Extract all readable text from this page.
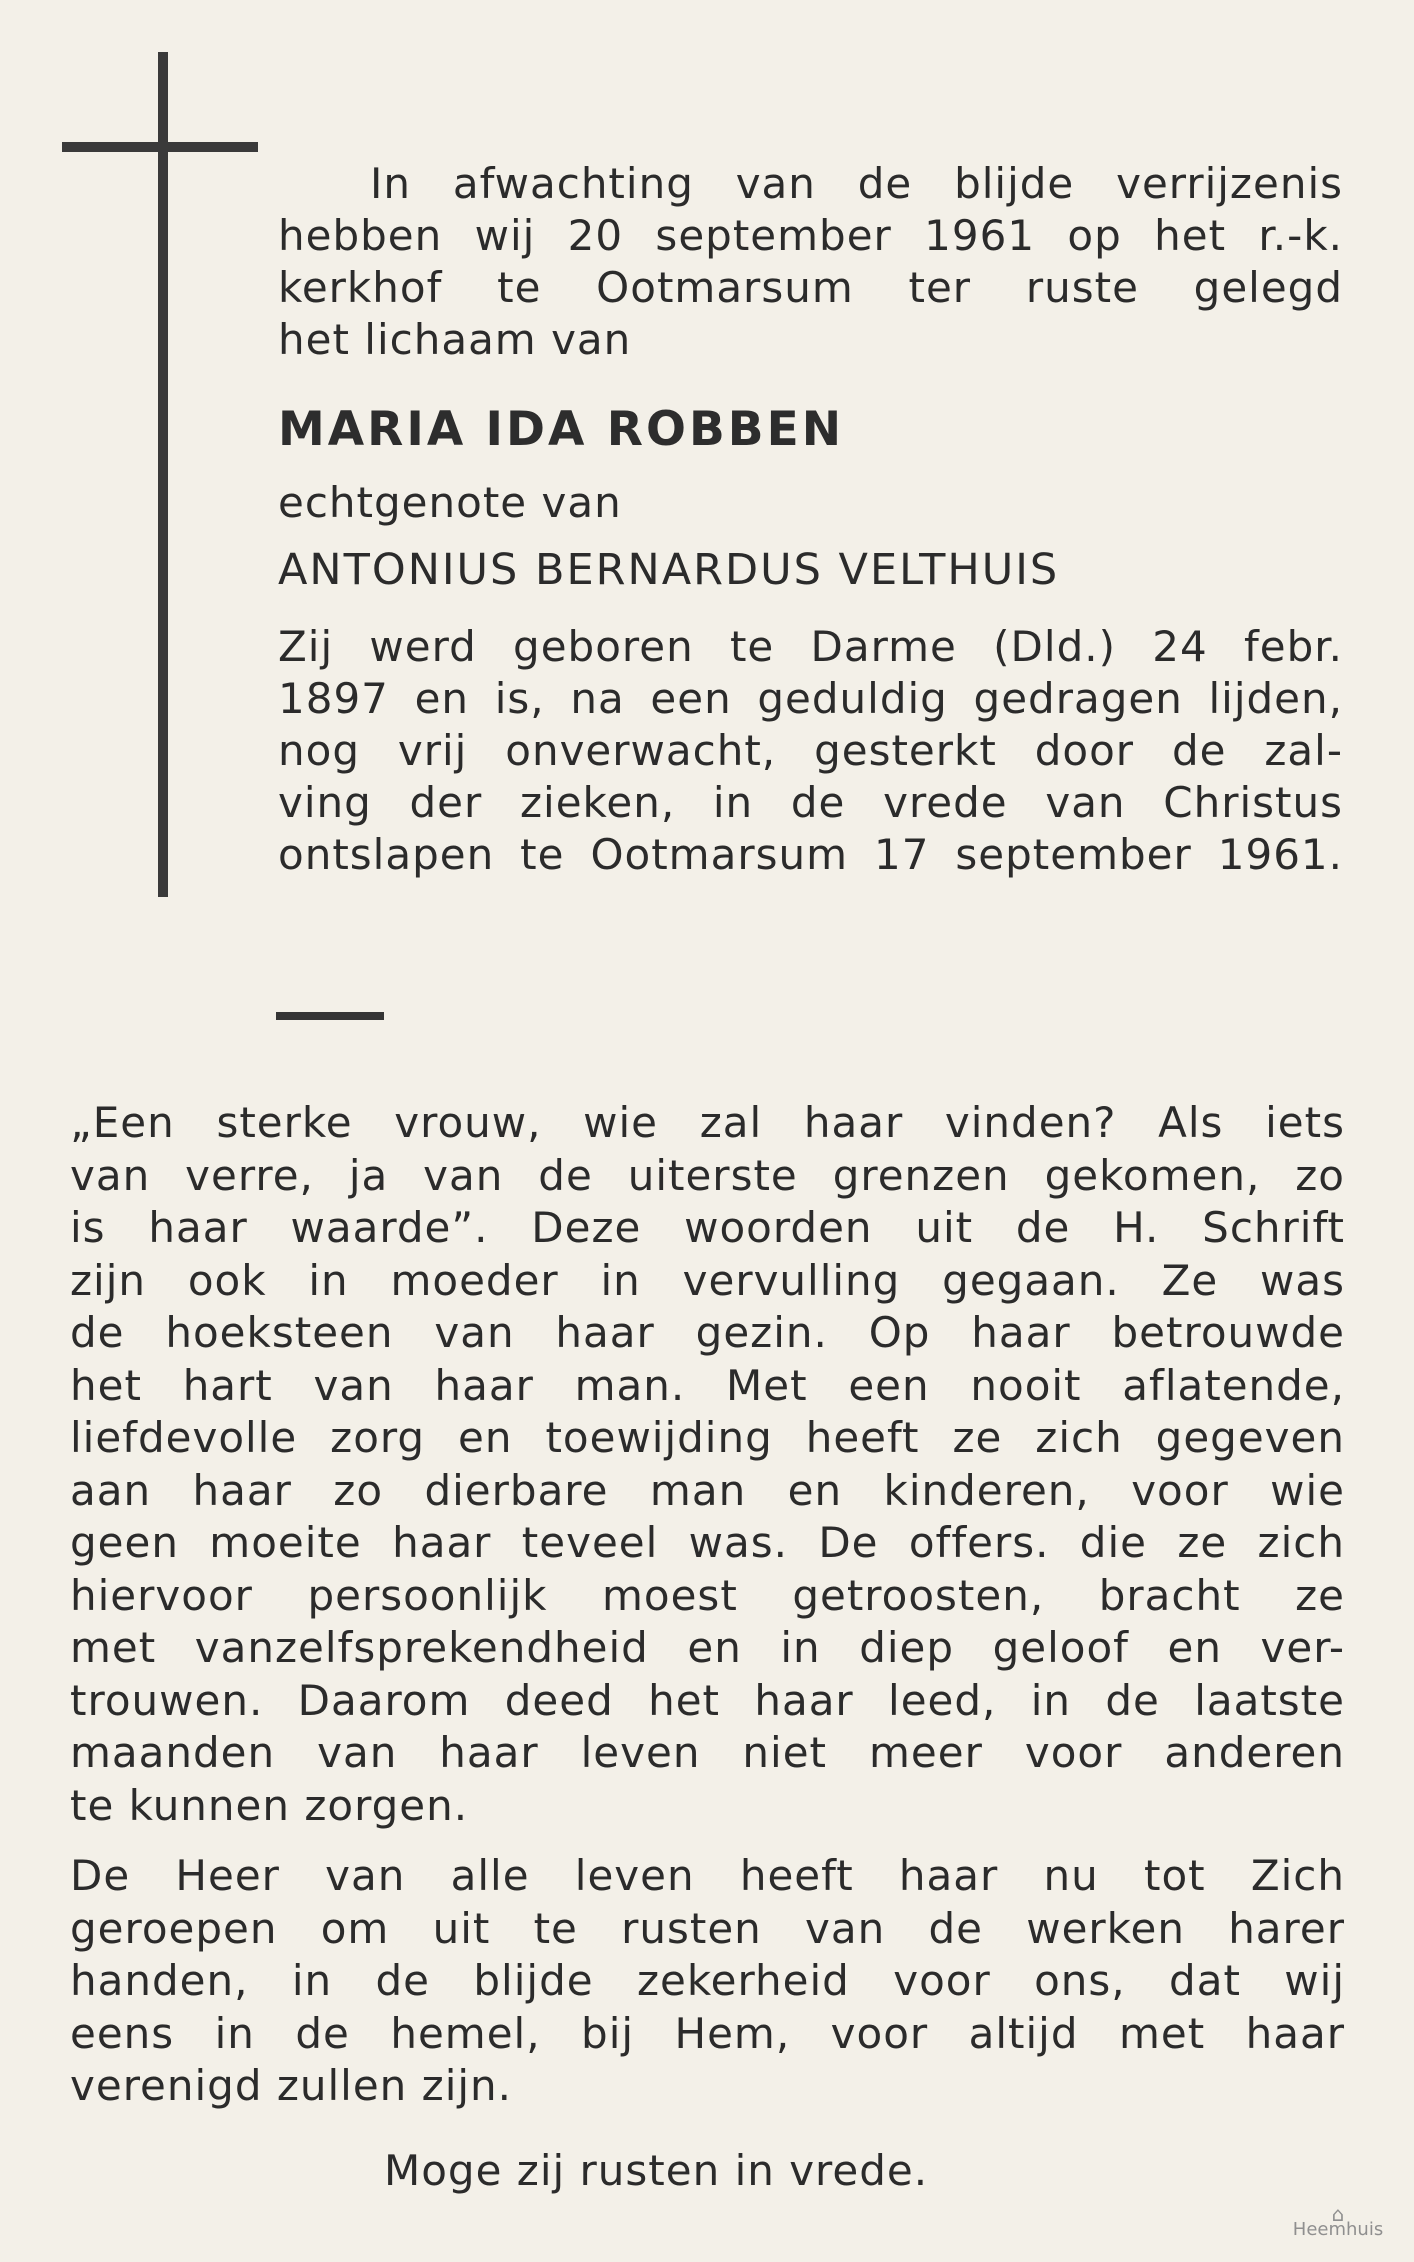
In afwachting van de blijde verrijzenis
hebben wij 20 september 1961 op het r.-k.
kerkhof te Ootmarsum ter ruste gelegd
het lichaam van
MARIA IDA ROBBEN
echtgenote van
ANTONIUS BERNARDUS VELTHUIS
Zij werd geboren te Darme (Dld.) 24 febr.
1897 en is, na een geduldig gedragen lijden,
nog vrij onverwacht, gesterkt door de zal-
ving der zieken, in de vrede van Christus
ontslapen te Ootmarsum 17 september 1961.
„Een sterke vrouw, wie zal haar vinden? Als iets
van verre, ja van de uiterste grenzen gekomen, zo
is haar waarde”. Deze woorden uit de H. Schrift
zijn ook in moeder in vervulling gegaan. Ze was
de hoeksteen van haar gezin. Op haar betrouwde
het hart van haar man. Met een nooit aflatende,
liefdevolle zorg en toewijding heeft ze zich gegeven
aan haar zo dierbare man en kinderen, voor wie
geen moeite haar teveel was. De offers. die ze zich
hiervoor persoonlijk moest getroosten, bracht ze
met vanzelfsprekendheid en in diep geloof en ver-
trouwen. Daarom deed het haar leed, in de laatste
maanden van haar leven niet meer voor anderen
te kunnen zorgen.
De Heer van alle leven heeft haar nu tot Zich
geroepen om uit te rusten van de werken harer
handen, in de blijde zekerheid voor ons, dat wij
eens in de hemel, bij Hem, voor altijd met haar
verenigd zullen zijn.
Moge zij rusten in vrede.
⌂
Heemhuis
